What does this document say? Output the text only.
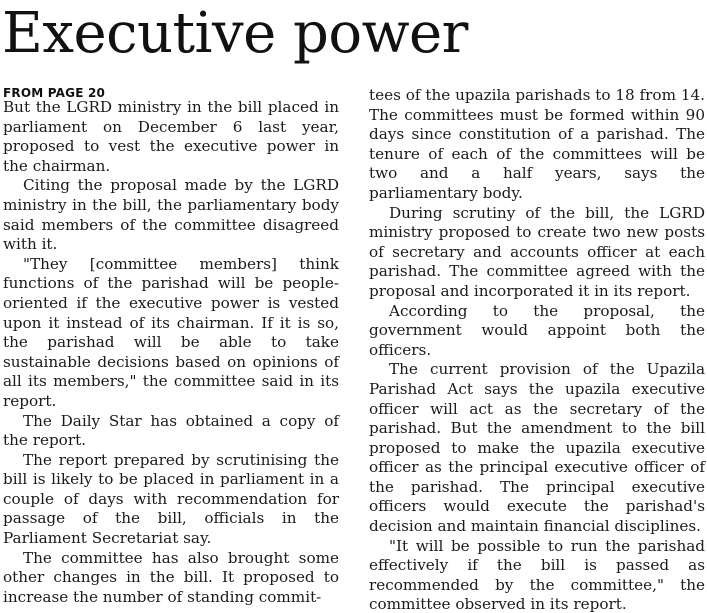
Executive power
FROM PAGE 20

But the LGRD ministry in the bill placed in parliament on December 6 last year, proposed to vest the executive power in the chairman.

Citing the proposal made by the LGRD ministry in the bill, the parliamentary body said members of the committee disagreed with it.

"They [committee members] think functions of the parishad will be people-oriented if the executive power is vested upon it instead of its chairman. If it is so, the parishad will be able to take sustainable decisions based on opinions of all its members," the committee said in its report.

The Daily Star has obtained a copy of the report.

The report prepared by scrutinising the bill is likely to be placed in parliament in a couple of days with recommendation for passage of the bill, officials in the Parliament Secretariat say.

The committee has also brought some other changes in the bill. It proposed to increase the number of standing commit-

tees of the upazila parishads to 18 from 14. The committees must be formed within 90 days since constitution of a parishad. The tenure of each of the committees will be two and a half years, says the parliamentary body.

During scrutiny of the bill, the LGRD ministry proposed to create two new posts of secretary and accounts officer at each parishad. The committee agreed with the proposal and incorporated it in its report.

According to the proposal, the government would appoint both the officers.

The current provision of the Upazila Parishad Act says the upazila executive officer will act as the secretary of the parishad. But the amendment to the bill proposed to make the upazila executive officer as the principal executive officer of the parishad. The principal executive officers would execute the parishad's decision and maintain financial disciplines.

"It will be possible to run the parishad effectively if the bill is passed as recommended by the committee," the committee observed in its report.
